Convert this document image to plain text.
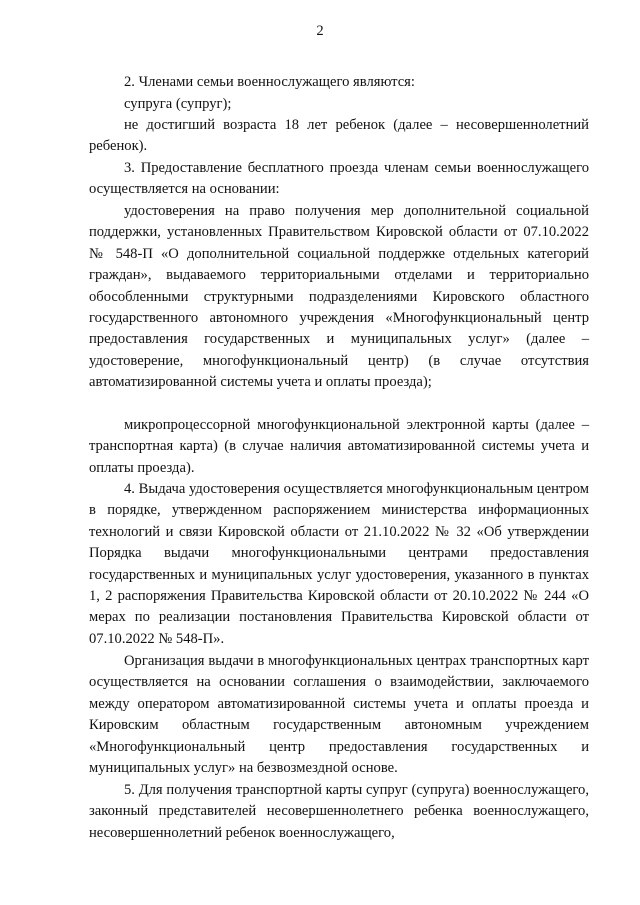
2

2. Членами семьи военнослужащего являются:

супруга (супруг);

не достигший возраста 18 лет ребенок (далее – несовершеннолетний ребенок).

3. Предоставление бесплатного проезда членам семьи военнослужащего осуществляется на основании:

удостоверения на право получения мер дополнительной социальной поддержки, установленных Правительством Кировской области от 07.10.2022 № 548-П «О дополнительной социальной поддержке отдельных категорий граждан», выдаваемого территориальными отделами и территориально обособленными структурными подразделениями Кировского областного государственного автономного учреждения «Многофункциональный центр предоставления государственных и муниципальных услуг» (далее – удостоверение, многофункциональный центр) (в случае отсутствия автоматизированной системы учета и оплаты проезда);

микропроцессорной многофункциональной электронной карты (далее – транспортная карта) (в случае наличия автоматизированной системы учета и оплаты проезда).

4. Выдача удостоверения осуществляется многофункциональным центром в порядке, утвержденном распоряжением министерства информационных технологий и связи Кировской области от 21.10.2022 № 32 «Об утверждении Порядка выдачи многофункциональными центрами предоставления государственных и муниципальных услуг удостоверения, указанного в пунктах 1, 2 распоряжения Правительства Кировской области от 20.10.2022 № 244 «О мерах по реализации постановления Правительства Кировской области от 07.10.2022 № 548-П».

Организация выдачи в многофункциональных центрах транспортных карт осуществляется на основании соглашения о взаимодействии, заключаемого между оператором автоматизированной системы учета и оплаты проезда и Кировским областным государственным автономным учреждением «Многофункциональный центр предоставления государственных и муниципальных услуг» на безвозмездной основе.

5. Для получения транспортной карты супруг (супруга) военнослужащего, законный представителей несовершеннолетнего ребенка военнослужащего, несовершеннолетний ребенок военнослужащего,
